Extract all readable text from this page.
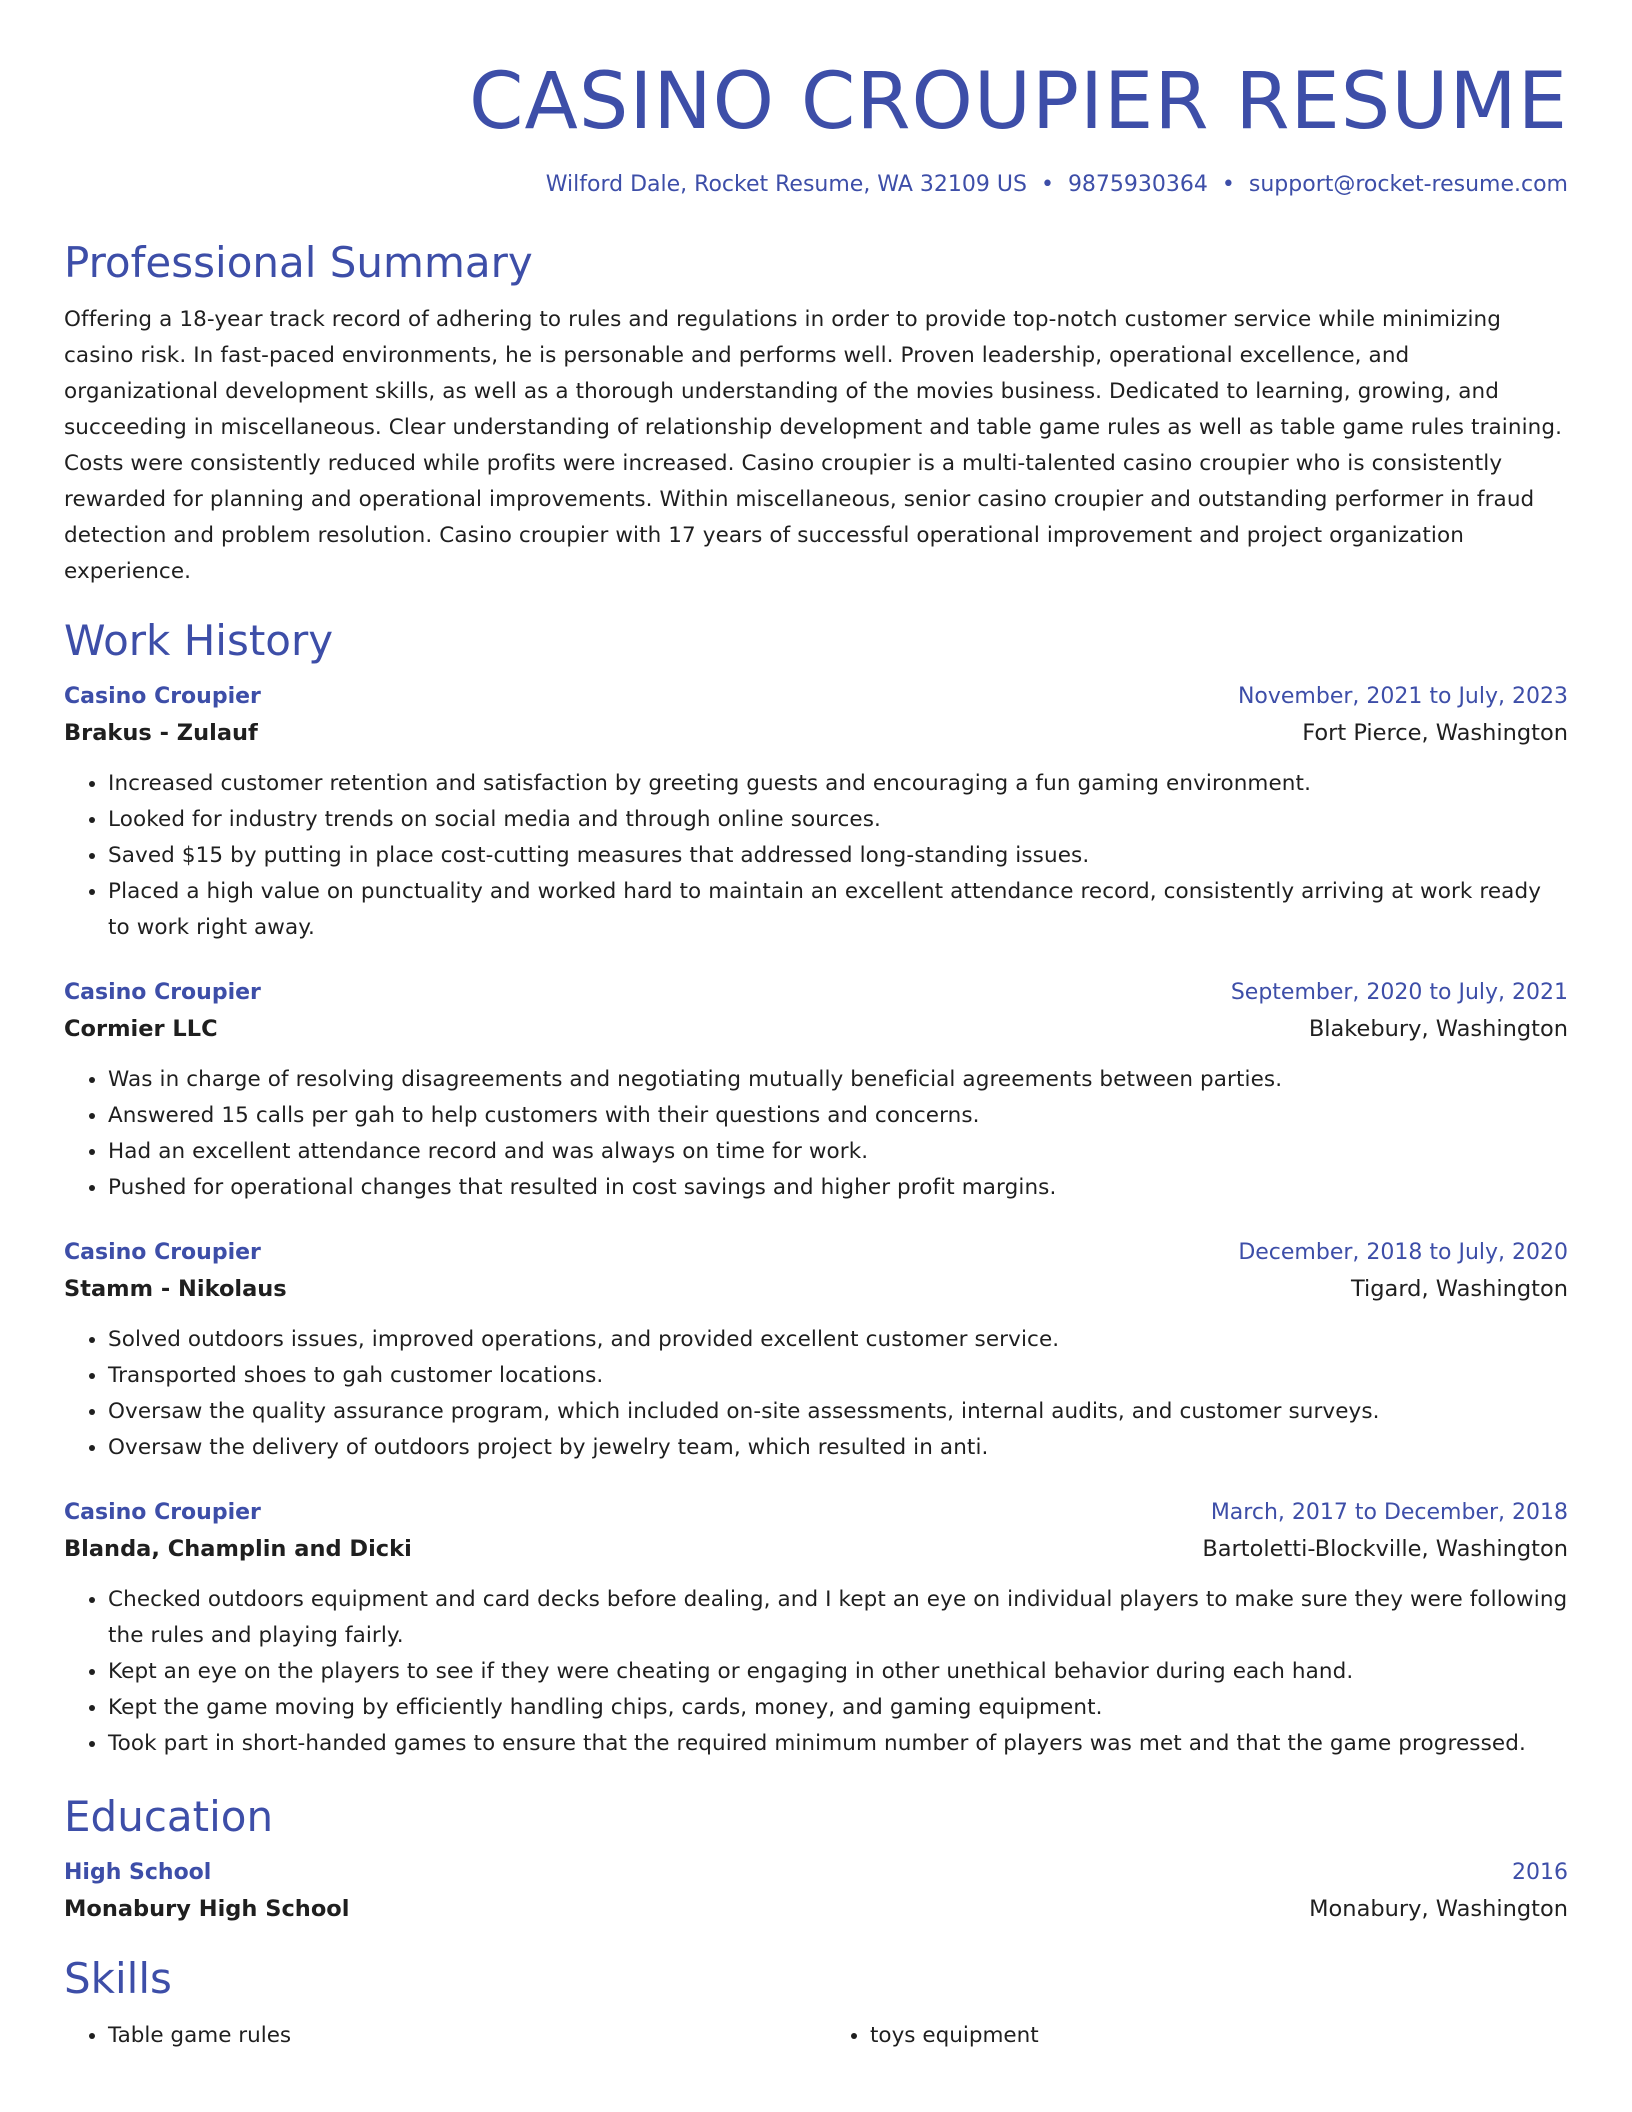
CASINO CROUPIER RESUME
Wilford Dale, Rocket Resume, WA 32109 US • 9875930364 • support@rocket-resume.com
Professional Summary

Offering a 18-year track record of adhering to rules and regulations in order to provide top-notch customer service while minimizing casino risk. In fast-paced environments, he is personable and performs well. Proven leadership, operational excellence, and organizational development skills, as well as a thorough understanding of the movies business. Dedicated to learning, growing, and succeeding in miscellaneous. Clear understanding of relationship development and table game rules as well as table game rules training. Costs were consistently reduced while profits were increased. Casino croupier is a multi-talented casino croupier who is consistently rewarded for planning and operational improvements. Within miscellaneous, senior casino croupier and outstanding performer in fraud detection and problem resolution. Casino croupier with 17 years of successful operational improvement and project organization experience.

Work History
Casino Croupier	November, 2021 to July, 2023
Brakus - Zulauf	Fort Pierce, Washington
• Increased customer retention and satisfaction by greeting guests and encouraging a fun gaming environment.
• Looked for industry trends on social media and through online sources.
• Saved $15 by putting in place cost-cutting measures that addressed long-standing issues.
• Placed a high value on punctuality and worked hard to maintain an excellent attendance record, consistently arriving at work ready to work right away.
Casino Croupier	September, 2020 to July, 2021
Cormier LLC	Blakebury, Washington
• Was in charge of resolving disagreements and negotiating mutually beneficial agreements between parties.
• Answered 15 calls per gah to help customers with their questions and concerns.
• Had an excellent attendance record and was always on time for work.
• Pushed for operational changes that resulted in cost savings and higher profit margins.
Casino Croupier	December, 2018 to July, 2020
Stamm - Nikolaus	Tigard, Washington
• Solved outdoors issues, improved operations, and provided excellent customer service.
• Transported shoes to gah customer locations.
• Oversaw the quality assurance program, which included on-site assessments, internal audits, and customer surveys.
• Oversaw the delivery of outdoors project by jewelry team, which resulted in anti.
Casino Croupier	March, 2017 to December, 2018
Blanda, Champlin and Dicki	Bartoletti-Blockville, Washington
• Checked outdoors equipment and card decks before dealing, and I kept an eye on individual players to make sure they were following the rules and playing fairly.
• Kept an eye on the players to see if they were cheating or engaging in other unethical behavior during each hand.
• Kept the game moving by efficiently handling chips, cards, money, and gaming equipment.
• Took part in short-handed games to ensure that the required minimum number of players was met and that the game progressed.
Education
High School	2016
Monabury High School	Monabury, Washington
Skills
• Table game rules
•	toys equipment
